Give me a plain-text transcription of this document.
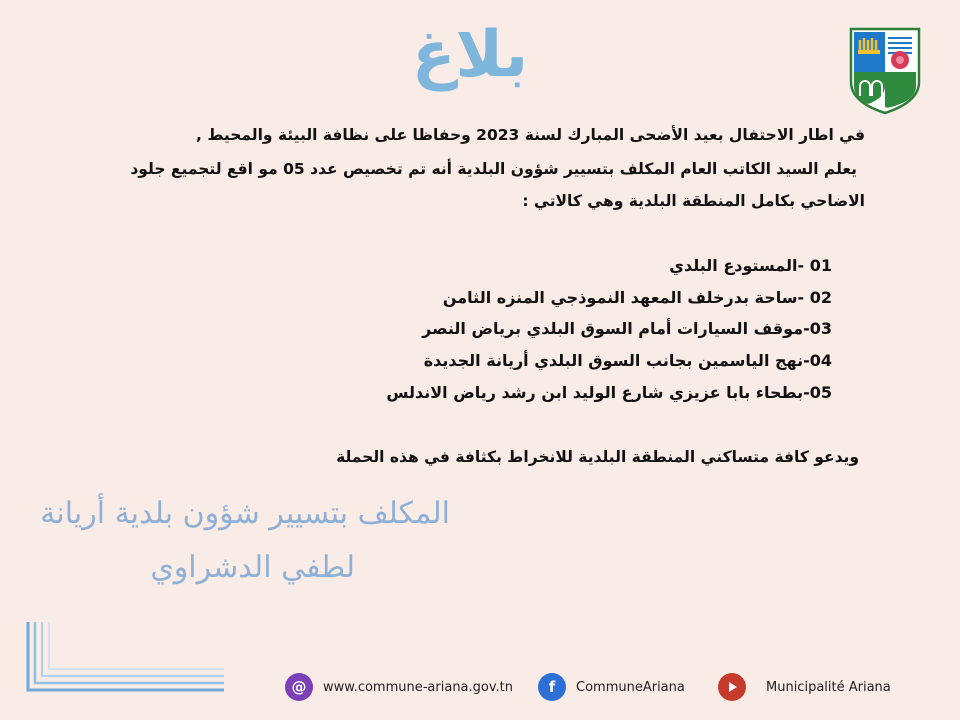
بلاغ
في اطار الاحتفال بعيد الأضحى المبارك لسنة 2023 وحفاظا على نظافة البيئة والمحيط ,
يعلم السيد الكاتب العام المكلف بتسيير شؤون البلدية أنه تم تخصيص عدد 05 مو اقع لتجميع جلود
الاضاحي بكامل المنطقة البلدية وهي كالاتي :
01 -المستودع البلدي
02 -ساحة بدرخلف المعهد النموذجي المنزه الثامن
03-موقف السيارات أمام السوق البلدي برياض النصر
04-نهج الياسمين بجانب السوق البلدي أريانة الجديدة
05-بطحاء بابا عزيزي شارع الوليد ابن رشد رياض الاندلس
ويدعو كافة متساكني المنطقة البلدية للانخراط بكثافة في هذه الحملة
المكلف بتسيير شؤون بلدية أريانة
لطفي الدشراوي
@	www.commune-ariana.gov.tn	f	CommuneAriana	Municipalité Ariana
